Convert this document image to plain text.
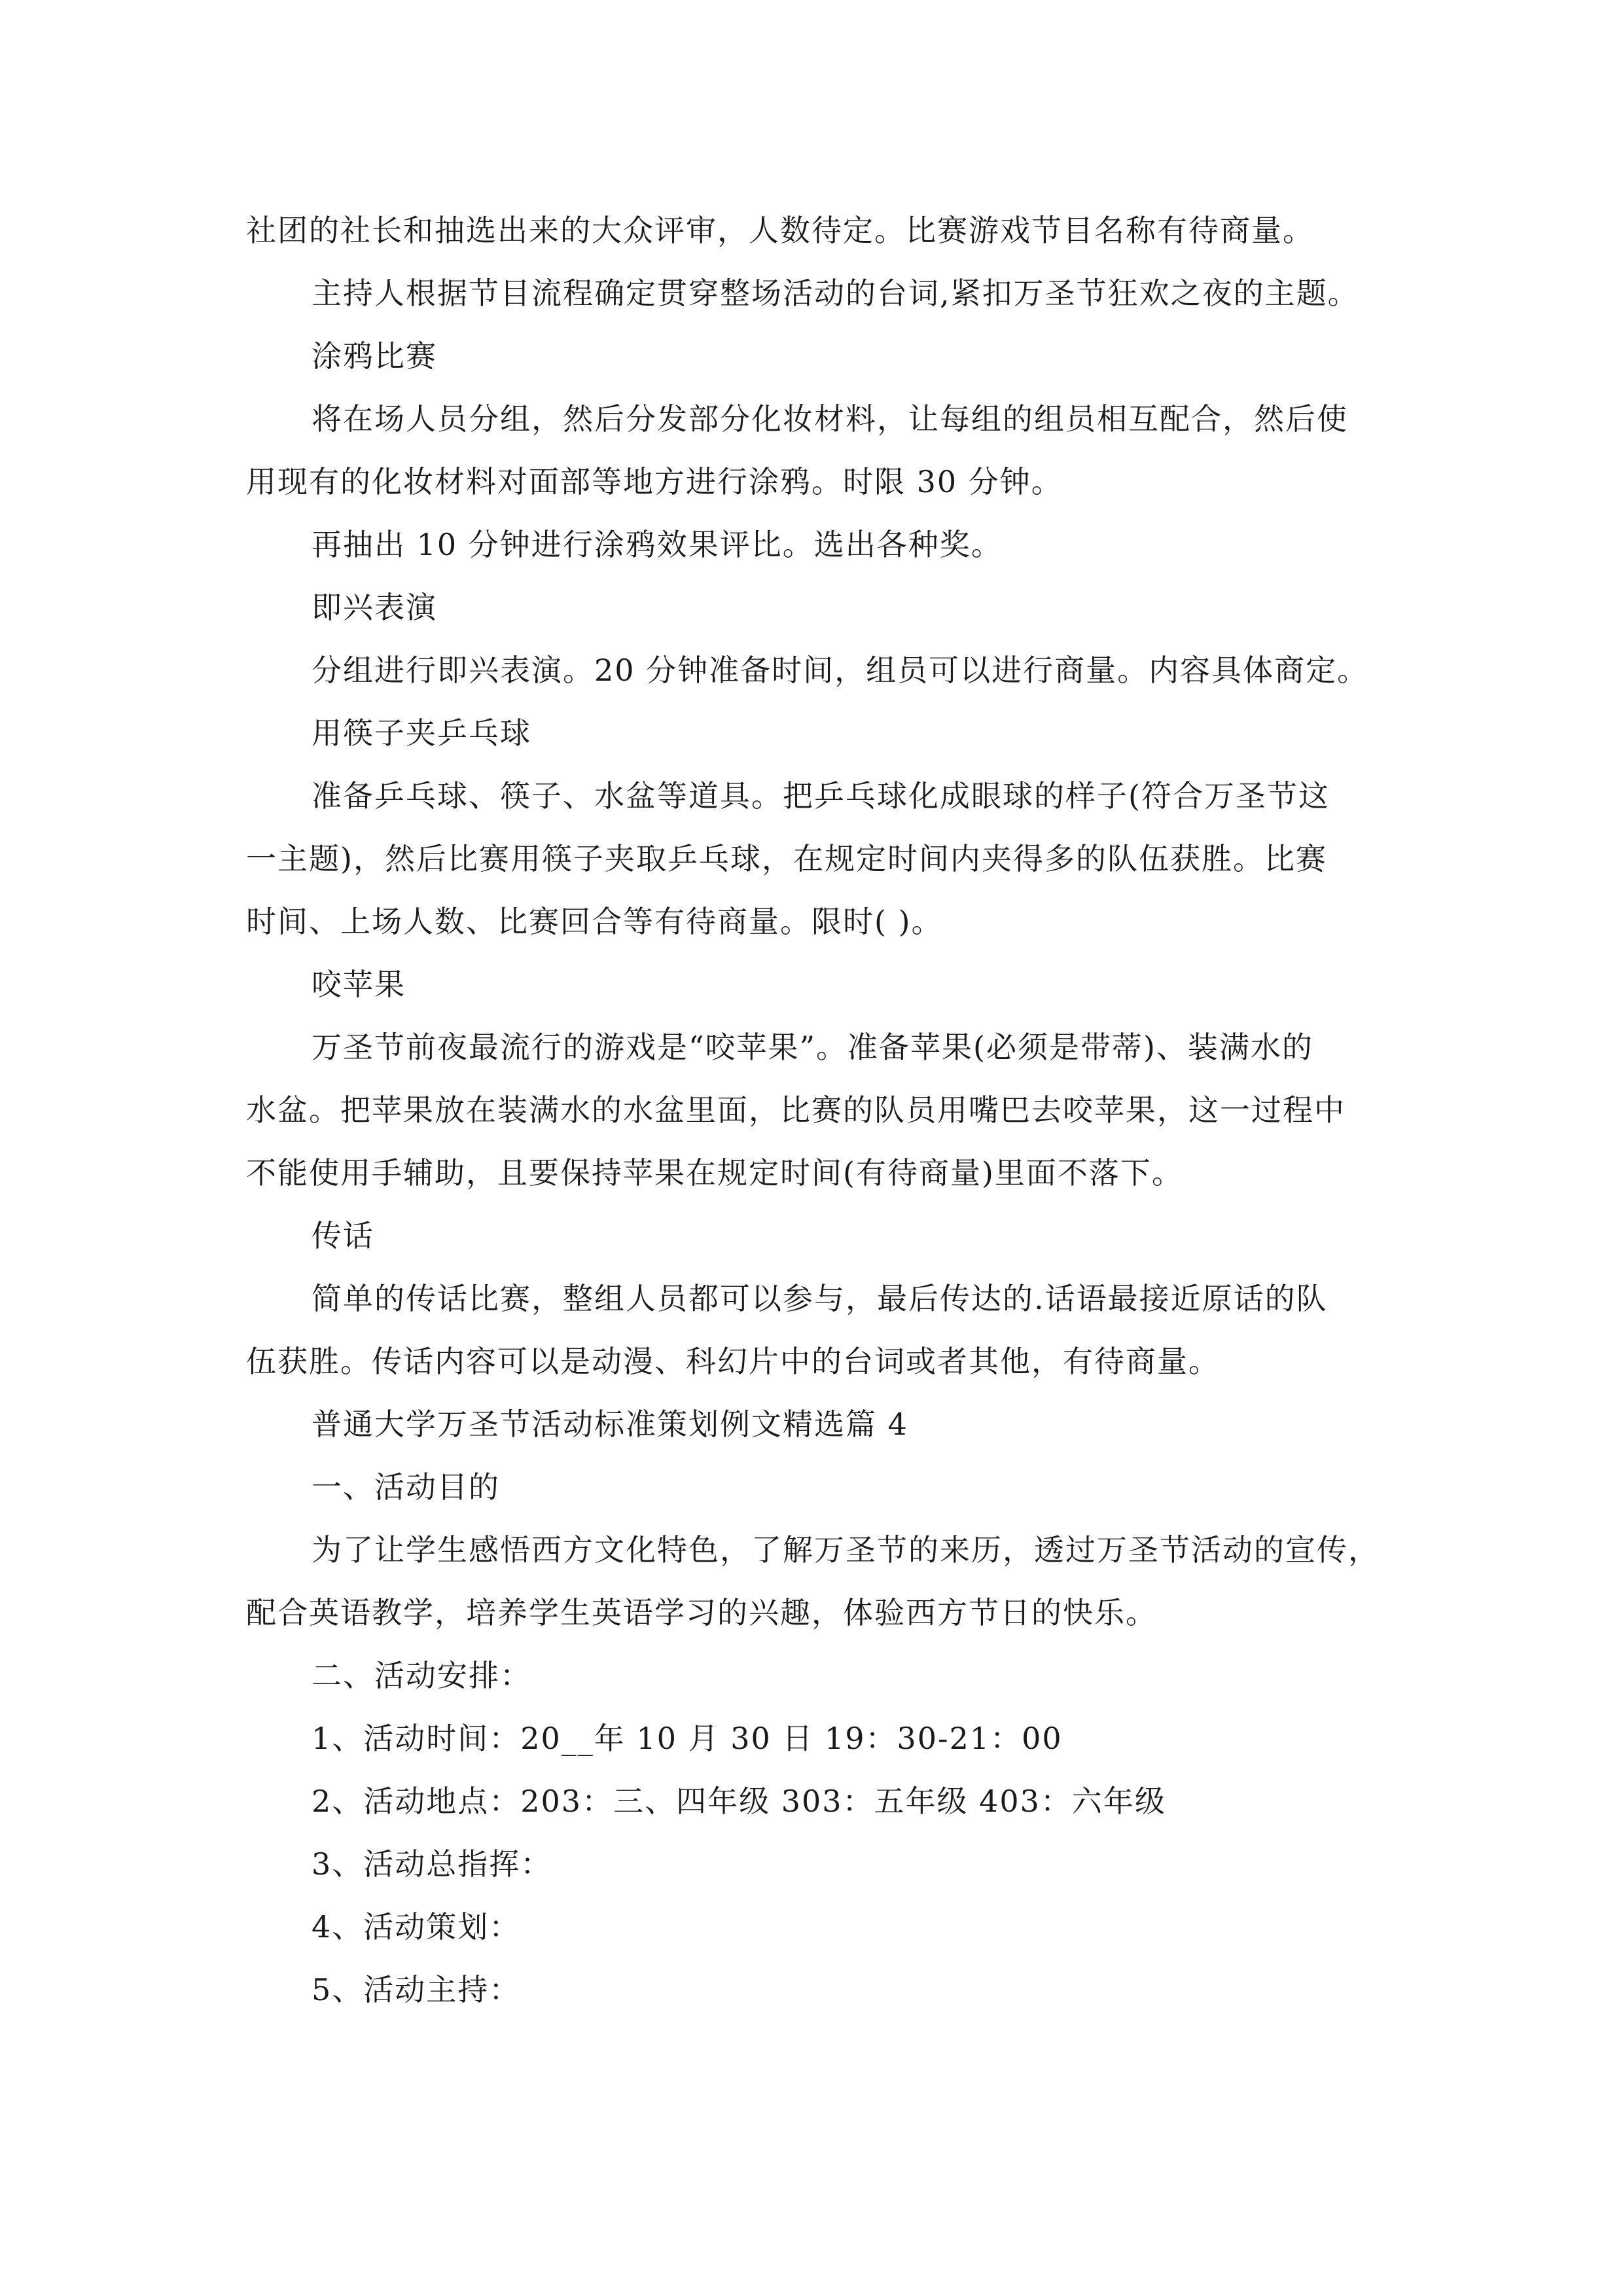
社团的社长和抽选出来的大众评审，人数待定。比赛游戏节目名称有待商量。
主持人根据节目流程确定贯穿整场活动的台词,紧扣万圣节狂欢之夜的主题。
涂鸦比赛
将在场人员分组，然后分发部分化妆材料，让每组的组员相互配合，然后使
用现有的化妆材料对面部等地方进行涂鸦。时限 30 分钟。
再抽出 10 分钟进行涂鸦效果评比。选出各种奖。
即兴表演
分组进行即兴表演。20 分钟准备时间，组员可以进行商量。内容具体商定。
用筷子夹乒乓球
准备乒乓球、筷子、水盆等道具。把乒乓球化成眼球的样子(符合万圣节这
一主题)，然后比赛用筷子夹取乒乓球，在规定时间内夹得多的队伍获胜。比赛
时间、上场人数、比赛回合等有待商量。限时( )。
咬苹果
万圣节前夜最流行的游戏是“咬苹果”。准备苹果(必须是带蒂)、装满水的
水盆。把苹果放在装满水的水盆里面，比赛的队员用嘴巴去咬苹果，这一过程中
不能使用手辅助，且要保持苹果在规定时间(有待商量)里面不落下。
传话
简单的传话比赛，整组人员都可以参与，最后传达的.话语最接近原话的队
伍获胜。传话内容可以是动漫、科幻片中的台词或者其他，有待商量。
普通大学万圣节活动标准策划例文精选篇 4
一、活动目的
为了让学生感悟西方文化特色，了解万圣节的来历，透过万圣节活动的宣传，
配合英语教学，培养学生英语学习的兴趣，体验西方节日的快乐。
二、活动安排：
1、活动时间：20__年 10 月 30 日 19：30-21：00
2、活动地点：203：三、四年级 303：五年级 403：六年级
3、活动总指挥：
4、活动策划：
5、活动主持：
